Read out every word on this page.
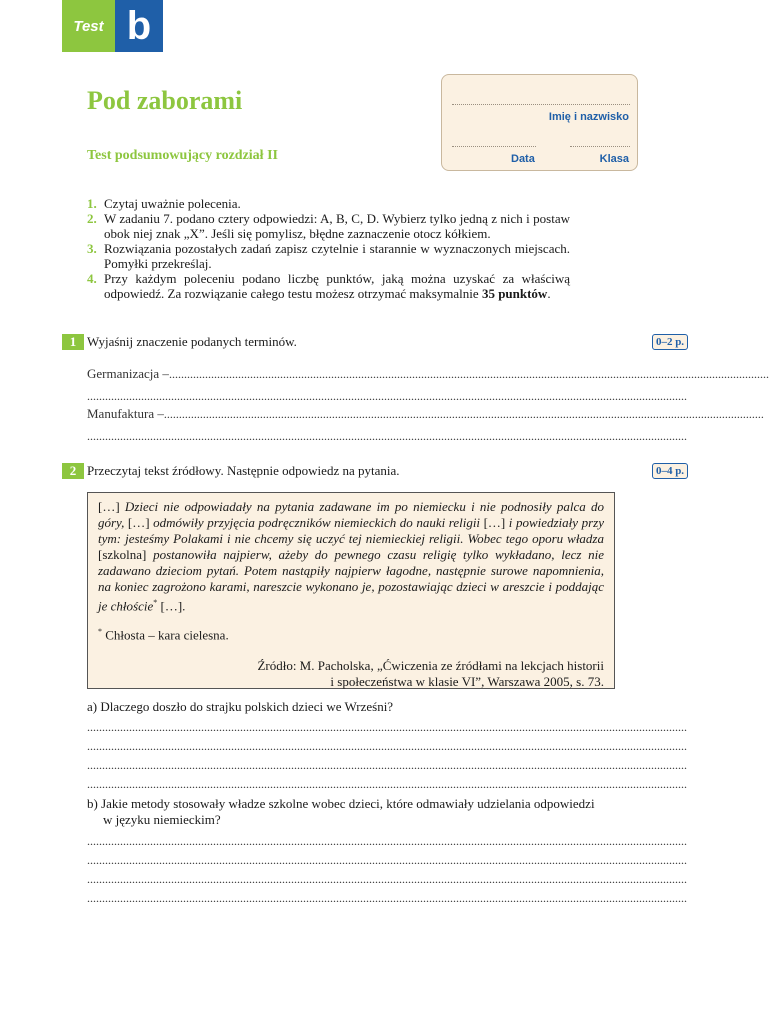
Test b
Pod zaborami
Test podsumowujący rozdział II
Imię i nazwisko
Data	Klasa
1. Czytaj uważnie polecenia.
2. W zadaniu 7. podano cztery odpowiedzi: A, B, C, D. Wybierz tylko jedną z nich i postaw obok niej znak „X”. Jeśli się pomylisz, błędne zaznaczenie otocz kółkiem.
3. Rozwiązania pozostałych zadań zapisz czytelnie i starannie w wyznaczonych miejscach. Pomyłki przekreślaj.
4. Przy każdym poleceniu podano liczbę punktów, jaką można uzyskać za właściwą odpowiedź. Za rozwiązanie całego testu możesz otrzymać maksymalnie 35 punktów.
1 Wyjaśnij znaczenie podanych terminów.	0–2 p.
Germanizacja –........................................................................................................................................................................................................
........................................................................................................................................................................................................
Manufaktura –........................................................................................................................................................................................................
........................................................................................................................................................................................................
2 Przeczytaj tekst źródłowy. Następnie odpowiedz na pytania.	0–4 p.
[…] Dzieci nie odpowiadały na pytania zadawane im po niemiecku i nie podnosiły palca do góry, […] odmówiły przyjęcia podręczników niemieckich do nauki religii […] i powiedziały przy tym: jesteśmy Polakami i nie chcemy się uczyć tej niemieckiej religii. Wobec tego oporu władza [szkolna] postanowiła najpierw, ażeby do pewnego czasu religię tylko wykładano, lecz nie zadawano dzieciom pytań. Potem nastąpiły najpierw łagodne, następnie surowe napomnienia, na koniec zagrożono karami, nareszcie wykonano je, pozostawiając dzieci w areszcie i poddając je chłoście* […].
* Chłosta – kara cielesna.
Źródło: M. Pacholska, „Ćwiczenia ze źródłami na lekcjach historii
i społeczeństwa w klasie VI”, Warszawa 2005, s. 73.
a) Dlaczego doszło do strajku polskich dzieci we Wrześni?
........................................................................................................................................................................................................
........................................................................................................................................................................................................
........................................................................................................................................................................................................
........................................................................................................................................................................................................
b) Jakie metody stosowały władze szkolne wobec dzieci, które odmawiały udzielania odpowiedzi
w języku niemieckim?
........................................................................................................................................................................................................
........................................................................................................................................................................................................
........................................................................................................................................................................................................
........................................................................................................................................................................................................
